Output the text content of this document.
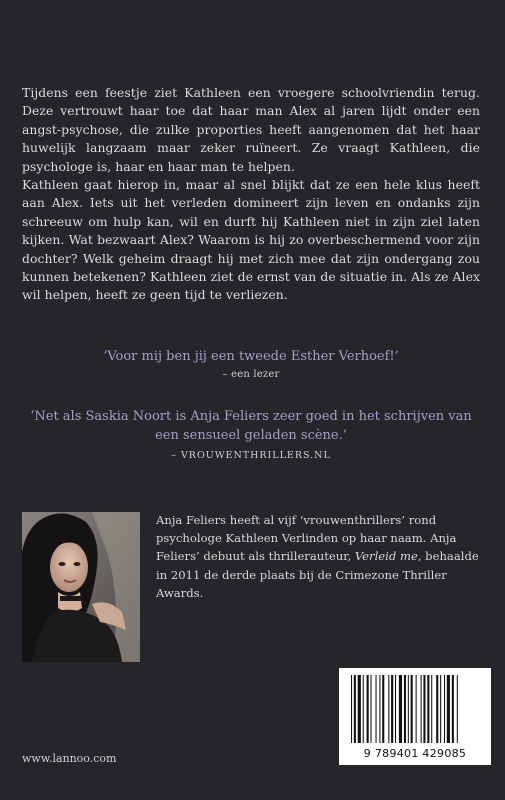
Tijdens een feestje ziet Kathleen een vroegere schoolvriendin terug. Deze vertrouwt haar toe dat haar man Alex al jaren lijdt onder een angst-psychose, die zulke proporties heeft aangenomen dat het haar huwelijk langzaam maar zeker ruïneert. Ze vraagt Kathleen, die psychologe is, haar en haar man te helpen.

Kathleen gaat hierop in, maar al snel blijkt dat ze een hele klus heeft aan Alex. Iets uit het verleden domineert zijn leven en ondanks zijn schreeuw om hulp kan, wil en durft hij Kathleen niet in zijn ziel laten kijken. Wat bezwaart Alex? Waarom is hij zo overbeschermend voor zijn dochter? Welk geheim draagt hij met zich mee dat zijn ondergang zou kunnen betekenen? Kathleen ziet de ernst van de situatie in. Als ze Alex wil helpen, heeft ze geen tijd te verliezen.

‘Voor mij ben jij een tweede Esther Verhoef!’
– een lezer
‘Net als Saskia Noort is Anja Feliers zeer goed in het schrijven van een sensueel geladen scène.’
– VROUWENTHRILLERS.NL
Anja Feliers heeft al vijf ‘vrouwenthrillers’ rond psychologe Kathleen Verlinden op haar naam. Anja Feliers’ debuut als thrillerauteur, Verleid me, behaalde in 2011 de derde plaats bij de Crimezone Thriller Awards.
www.lannoo.com	9 789401 429085
